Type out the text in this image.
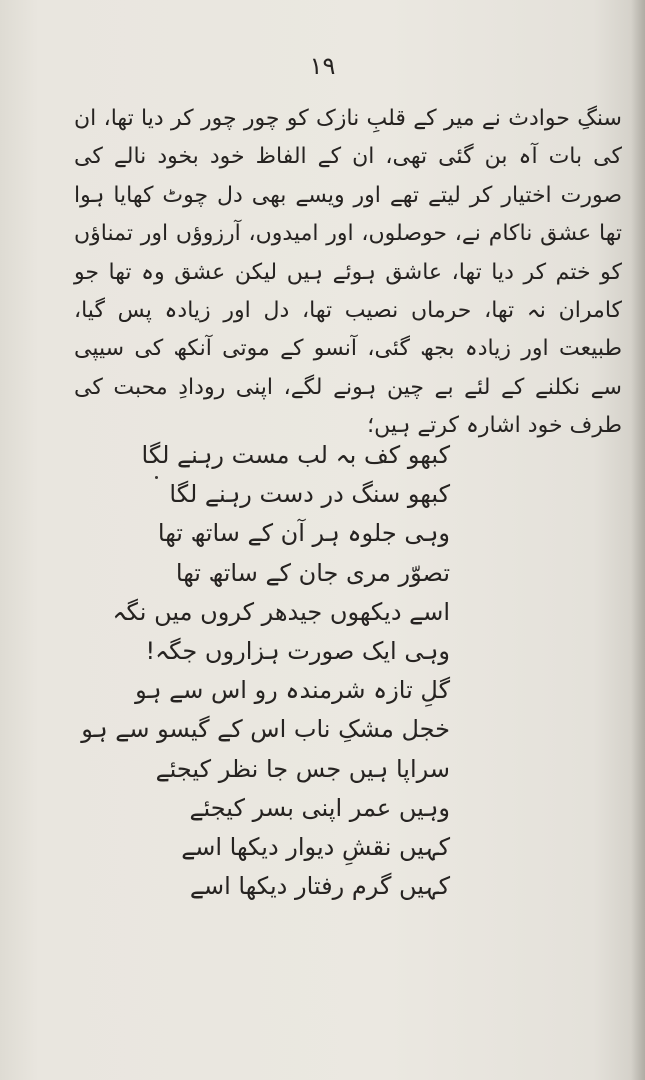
۱۹

سنگِ حوادث نے میر کے قلبِ نازک کو چور چور کر دیا تھا، ان کی بات آہ بن گئی تھی، ان کے الفاظ خود بخود نالے کی صورت اختیار کر لیتے تھے اور ویسے بھی دل چوٹ کھایا ہوا تھا عشق ناکام نے، حوصلوں، اور امیدوں، آرزوؤں اور تمناؤں کو ختم کر دیا تھا، عاشق ہوئے ہیں لیکن عشق وہ تھا جو کامران نہ تھا، حرماں نصیب تھا، دل اور زیادہ پس گیا، طبیعت اور زیادہ بجھ گئی، آنسو کے موتی آنکھ کی سیپی سے نکلنے کے لئے بے چین ہونے لگے، اپنی رودادِ محبت کی طرف خود اشارہ کرتے ہیں؛

کبھو کف بہ لب مست رہنے لگا
کبھو سنگ در دست رہنے لگا
وہی جلوہ ہر آن کے ساتھ تھا
تصوّر مری جان کے ساتھ تھا
اسے دیکھوں جیدھر کروں میں نگہ
وہی ایک صورت ہزاروں جگہ!
گلِ تازہ شرمندہ رو اس سے ہو
خجل مشکِ ناب اس کے گیسو سے ہو
سراپا ہیں جس جا نظر کیجئے
وہیں عمر اپنی بسر کیجئے
کہیں نقشِ دیوار دیکھا اسے
کہیں گرم رفتار دیکھا اسے
